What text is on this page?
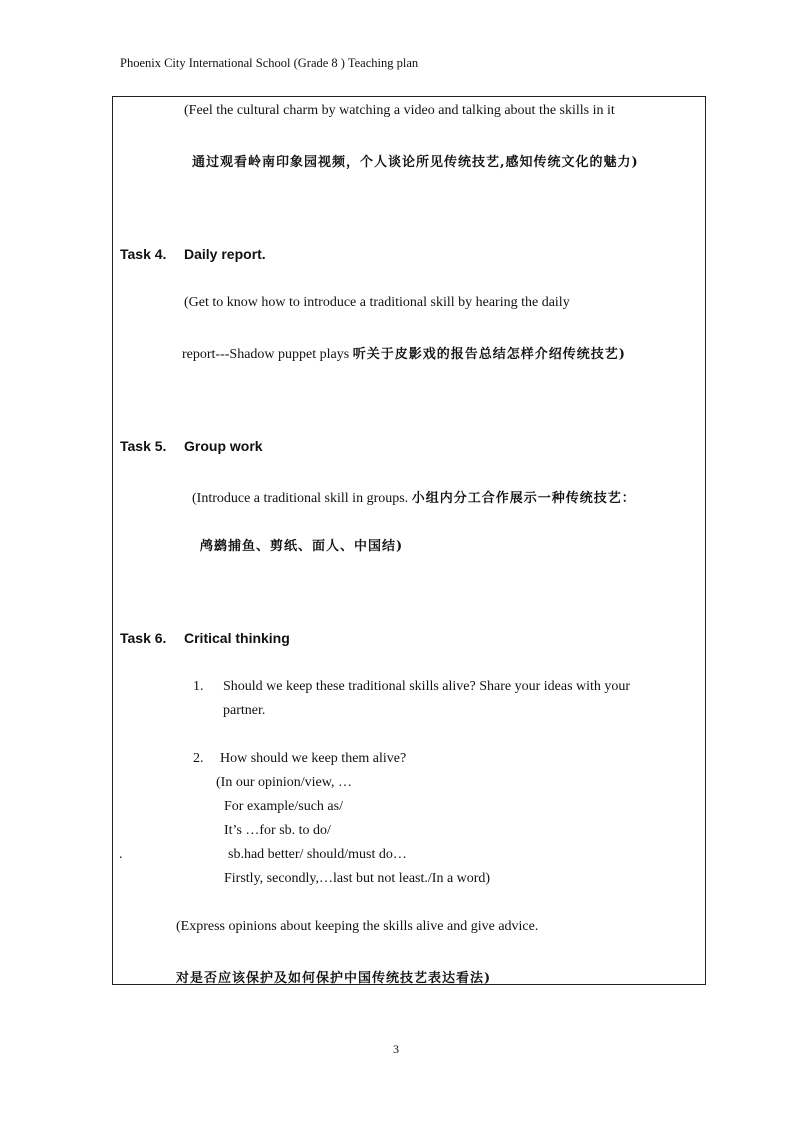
Phoenix City International School (Grade 8 ) Teaching plan
(Feel the cultural charm by watching a video and talking about the skills in it
通过观看岭南印象园视频，个人谈论所见传统技艺,感知传统文化的魅力)
Task 4. Daily report.
(Get to know how to introduce a traditional skill by hearing the daily
report---Shadow puppet plays 听关于皮影戏的报告总结怎样介绍传统技艺)
Task 5. Group work
(Introduce a traditional skill in groups. 小组内分工合作展示一种传统技艺：
鸬鹚捕鱼、剪纸、面人、中国结)
Task 6. Critical thinking
1. Should we keep these traditional skills alive? Share your ideas with your
partner.
2. How should we keep them alive?
(In our opinion/view, …
For example/such as/
It’s …for sb. to do/
.	sb.had better/ should/must do…
Firstly, secondly,…last but not least./In a word)
(Express opinions about keeping the skills alive and give advice.
对是否应该保护及如何保护中国传统技艺表达看法)
3
